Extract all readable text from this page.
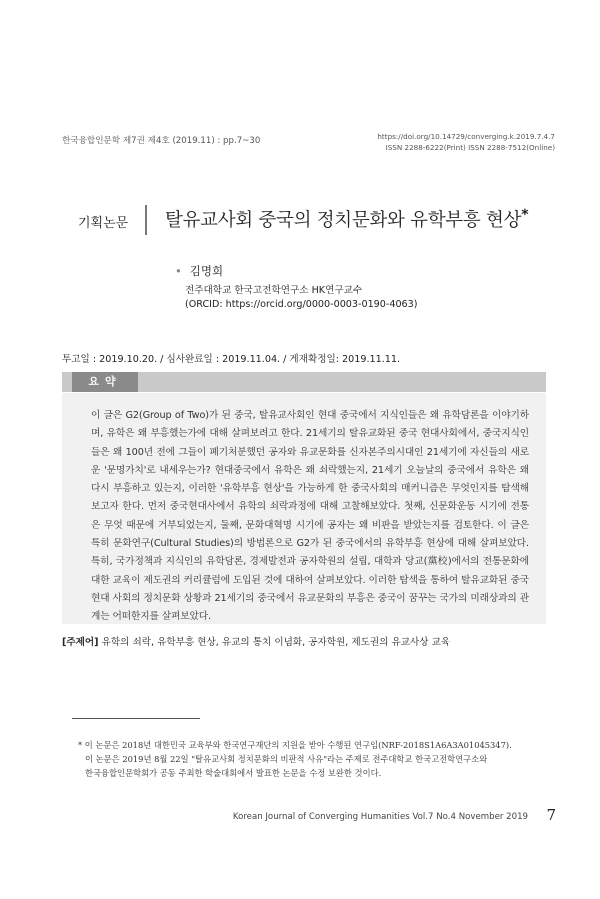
한국융합인문학 제7권 제4호 (2019.11) : pp.7~30	https://doi.org/10.14729/converging.k.2019.7.4.7
ISSN 2288-6222(Print) ISSN 2288-7512(Online)
기획논문 탈유교사회 중국의 정치문화와 유학부흥 현상*
• 김명희
전주대학교 한국고전학연구소 HK연구교수
(ORCID: https://orcid.org/0000-0003-0190-4063)
투고일 : 2019.10.20. / 심사완료일 : 2019.11.04. / 게재확정일: 2019.11.11.
요약

이 글은 G2(Group of Two)가 된 중국, 탈유교사회인 현대 중국에서 지식인들은 왜 유학담론을 이야기하며, 유학은 왜 부흥했는가에 대해 살펴보려고 한다. 21세기의 탈유교화된 중국 현대사회에서, 중국지식인들은 왜 100년 전에 그들이 폐기처분했던 공자와 유교문화를 신자본주의시대인 21세기에 자신들의 새로운 '문명가치'로 내세우는가? 현대중국에서 유학은 왜 쇠락했는지, 21세기 오늘날의 중국에서 유학은 왜 다시 부흥하고 있는지, 이러한 '유학부흥 현상'을 가능하게 한 중국사회의 매커니즘은 무엇인지를 탐색해보고자 한다. 먼저 중국현대사에서 유학의 쇠락과정에 대해 고찰해보았다. 첫째, 신문화운동 시기에 전통은 무엇 때문에 거부되었는지, 둘째, 문화대혁명 시기에 공자는 왜 비판을 받았는지를 검토한다. 이 글은 특히 문화연구(Cultural Studies)의 방법론으로 G2가 된 중국에서의 유학부흥 현상에 대해 살펴보았다. 특히, 국가정책과 지식인의 유학담론, 경제발전과 공자학원의 설립, 대학과 당교(黨校)에서의 전통문화에 대한 교육이 제도권의 커리큘럼에 도입된 것에 대하여 살펴보았다. 이러한 탐색을 통하여 탈유교화된 중국 현대 사회의 정치문화 상황과 21세기의 중국에서 유교문화의 부흥은 중국이 꿈꾸는 국가의 미래상과의 관계는 어떠한지를 살펴보았다.

[주제어] 유학의 쇠락, 유학부흥 현상, 유교의 통치 이념화, 공자학원, 제도권의 유교사상 교육

* 이 논문은 2018년 대한민국 교육부와 한국연구재단의 지원을 받아 수행된 연구임(NRF-2018S1A6A3A01045347).

이 논문은 2019년 8월 22일 "탈유교사회 정치문화의 비판적 사유"라는 주제로 전주대학교 한국고전학연구소와

한국융합인문학회가 공동 주최한 학술대회에서 발표한 논문을 수정 보완한 것이다.

Korean Journal of Converging Humanities Vol.7 No.4 November 2019 7
